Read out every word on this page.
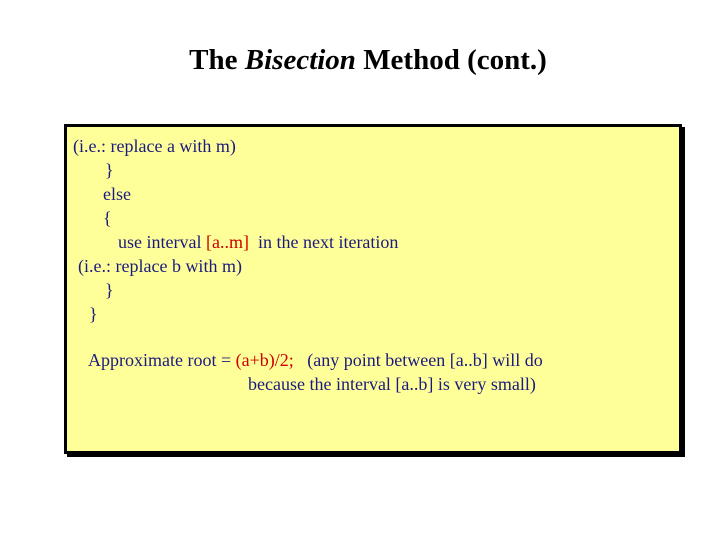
The Bisection Method (cont.)
(i.e.: replace a with m)
}
else
{
use interval [a..m]  in the next iteration
(i.e.: replace b with m)
}
}
Approximate root = (a+b)/2;   (any point between [a..b] will do
because the interval [a..b] is very small)
